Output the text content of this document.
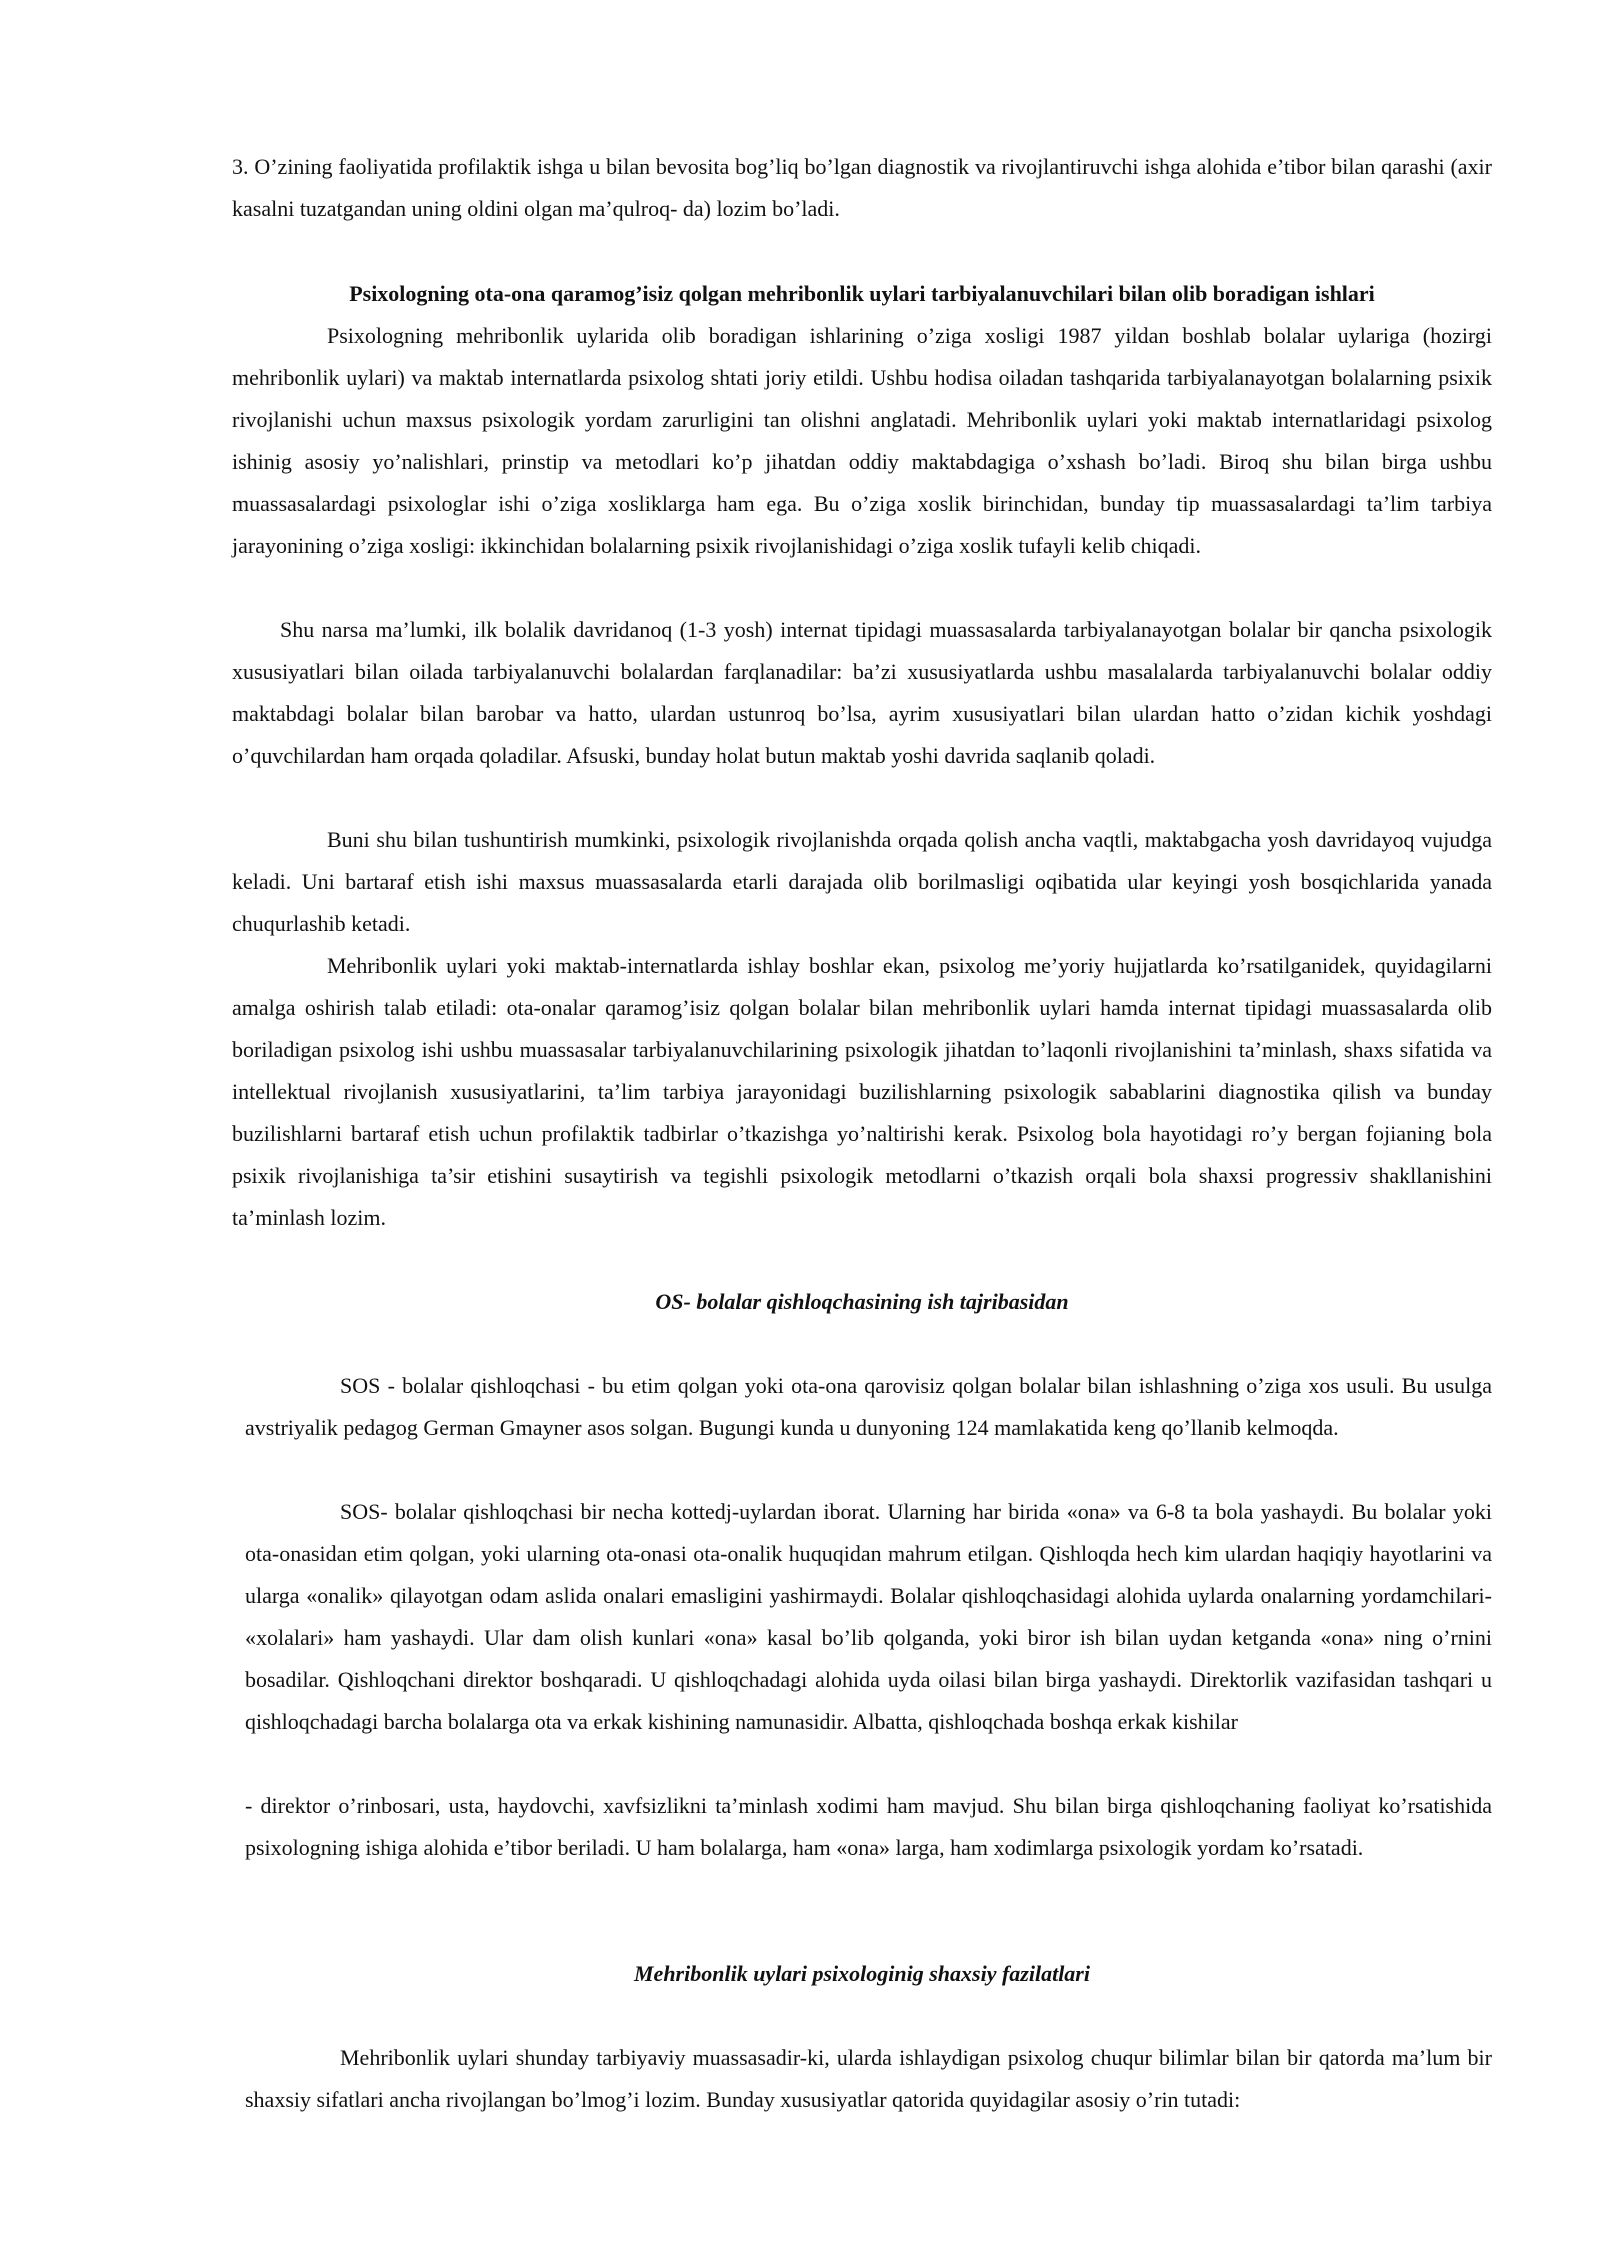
3. O’zining faoliyatida profilaktik ishga u bilan bevosita bog’liq bo’lgan diagnostik va rivojlantiruvchi ishga alohida e’tibor bilan qarashi (axir kasalni tuzatgandan uning oldini olgan ma’qulroq- da) lozim bo’ladi.

Psixologning ota-ona qaramog’isiz qolgan mehribonlik uylari tarbiyalanuvchilari bilan olib boradigan ishlari

Psixologning mehribonlik uylarida olib boradigan ishlarining o’ziga xosligi 1987 yildan boshlab bolalar uylariga (hozirgi mehribonlik uylari) va maktab internatlarda psixolog shtati joriy etildi. Ushbu hodisa oiladan tashqarida tarbiyalanayotgan bolalarning psixik rivojlanishi uchun maxsus psixologik yordam zarurligini tan olishni anglatadi. Mehribonlik uylari yoki maktab internatlaridagi psixolog ishinig asosiy yo’nalishlari, prinstip va metodlari ko’p jihatdan oddiy maktabdagiga o’xshash bo’ladi. Biroq shu bilan birga ushbu muassasalardagi psixologlar ishi o’ziga xosliklarga ham ega. Bu o’ziga xoslik birinchidan, bunday tip muassasalardagi ta’lim tarbiya jarayonining o’ziga xosligi: ikkinchidan bolalarning psixik rivojlanishidagi o’ziga xoslik tufayli kelib chiqadi.

Shu narsa ma’lumki, ilk bolalik davridanoq (1-3 yosh) internat tipidagi muassasalarda tarbiyalanayotgan bolalar bir qancha psixologik xususiyatlari bilan oilada tarbiyalanuvchi bolalardan farqlanadilar: ba’zi xususiyatlarda ushbu masalalarda tarbiyalanuvchi bolalar oddiy maktabdagi bolalar bilan barobar va hatto, ulardan ustunroq bo’lsa, ayrim xususiyatlari bilan ulardan hatto o’zidan kichik yoshdagi o’quvchilardan ham orqada qoladilar. Afsuski, bunday holat butun maktab yoshi davrida saqlanib qoladi.

Buni shu bilan tushuntirish mumkinki, psixologik rivojlanishda orqada qolish ancha vaqtli, maktabgacha yosh davridayoq vujudga keladi. Uni bartaraf etish ishi maxsus muassasalarda etarli darajada olib borilmasligi oqibatida ular keyingi yosh bosqichlarida yanada chuqurlashib ketadi.

Mehribonlik uylari yoki maktab-internatlarda ishlay boshlar ekan, psixolog me’yoriy hujjatlarda ko’rsatilganidek, quyidagilarni amalga oshirish talab etiladi: ota-onalar qaramog’isiz qolgan bolalar bilan mehribonlik uylari hamda internat tipidagi muassasalarda olib boriladigan psixolog ishi ushbu muassasalar tarbiyalanuvchilarining psixologik jihatdan to’laqonli rivojlanishini ta’minlash, shaxs sifatida va intellektual rivojlanish xususiyatlarini, ta’lim tarbiya jarayonidagi buzilishlarning psixologik sabablarini diagnostika qilish va bunday buzilishlarni bartaraf etish uchun profilaktik tadbirlar o’tkazishga yo’naltirishi kerak. Psixolog bola hayotidagi ro’y bergan fojianing bola psixik rivojlanishiga ta’sir etishini susaytirish va tegishli psixologik metodlarni o’tkazish orqali bola shaxsi progressiv shakllanishini ta’minlash lozim.

OS- bolalar qishloqchasining ish tajribasidan

SOS - bolalar qishloqchasi - bu etim qolgan yoki ota-ona qarovisiz qolgan bolalar bilan ishlashning o’ziga xos usuli. Bu usulga avstriyalik pedagog German Gmayner asos solgan. Bugungi kunda u dunyoning 124 mamlakatida keng qo’llanib kelmoqda.

SOS- bolalar qishloqchasi bir necha kottedj-uylardan iborat. Ularning har birida «ona» va 6-8 ta bola yashaydi. Bu bolalar yoki ota-onasidan etim qolgan, yoki ularning ota-onasi ota-onalik huquqidan mahrum etilgan. Qishloqda hech kim ulardan haqiqiy hayotlarini va ularga «onalik» qilayotgan odam aslida onalari emasligini yashirmaydi. Bolalar qishloqchasidagi alohida uylarda onalarning yordamchilari- «xolalari» ham yashaydi. Ular dam olish kunlari «ona» kasal bo’lib qolganda, yoki biror ish bilan uydan ketganda «ona» ning o’rnini bosadilar. Qishloqchani direktor boshqaradi. U qishloqchadagi alohida uyda oilasi bilan birga yashaydi. Direktorlik vazifasidan tashqari u qishloqchadagi barcha bolalarga ota va erkak kishining namunasidir. Albatta, qishloqchada boshqa erkak kishilar

- direktor o’rinbosari, usta, haydovchi, xavfsizlikni ta’minlash xodimi ham mavjud. Shu bilan birga qishloqchaning faoliyat ko’rsatishida psixologning ishiga alohida e’tibor beriladi. U ham bolalarga, ham «ona» larga, ham xodimlarga psixologik yordam ko’rsatadi.

Mehribonlik uylari psixologinig shaxsiy fazilatlari

Mehribonlik uylari shunday tarbiyaviy muassasadir-ki, ularda ishlaydigan psixolog chuqur bilimlar bilan bir qatorda ma’lum bir shaxsiy sifatlari ancha rivojlangan bo’lmog’i lozim. Bunday xususiyatlar qatorida quyidagilar asosiy o’rin tutadi:
